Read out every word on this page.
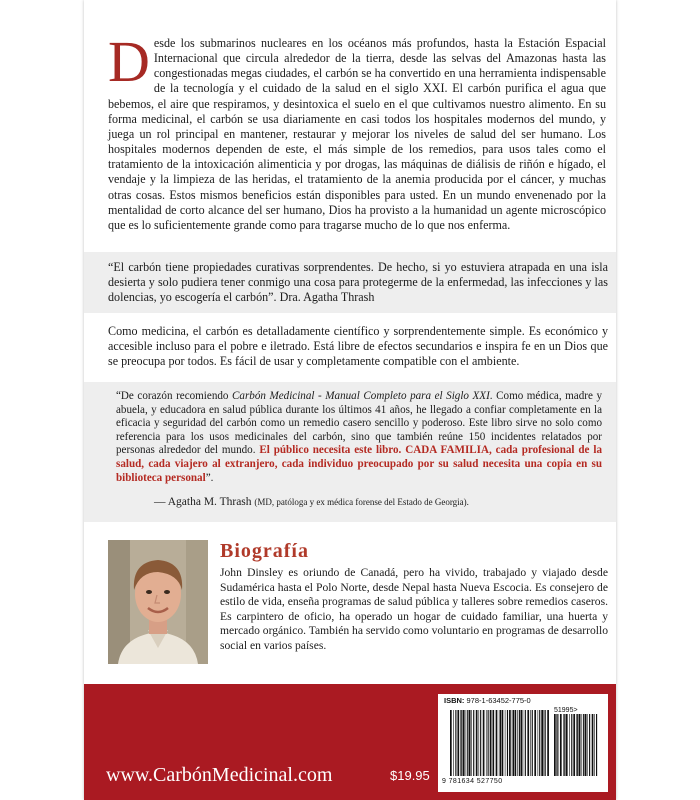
Desde los submarinos nucleares en los océanos más profundos, hasta la Estación Espacial Internacional que circula alrededor de la tierra, desde las selvas del Amazonas hasta las congestionadas megas ciudades, el carbón se ha convertido en una herramienta indispensable de la tecnología y el cuidado de la salud en el siglo XXI. El carbón purifica el agua que bebemos, el aire que respiramos, y desintoxica el suelo en el que cultivamos nuestro alimento. En su forma medicinal, el carbón se usa diariamente en casi todos los hospitales modernos del mundo, y juega un rol principal en mantener, restaurar y mejorar los niveles de salud del ser humano. Los hospitales modernos dependen de este, el más simple de los remedios, para usos tales como el tratamiento de la intoxicación alimenticia y por drogas, las máquinas de diálisis de riñón e hígado, el vendaje y la limpieza de las heridas, el tratamiento de la anemia producida por el cáncer, y muchas otras cosas. Estos mismos beneficios están disponibles para usted. En un mundo envenenado por la mentalidad de corto alcance del ser humano, Dios ha provisto a la humanidad un agente microscópico que es lo suficientemente grande como para tragarse mucho de lo que nos enferma.
“El carbón tiene propiedades curativas sorprendentes. De hecho, si yo estuviera atrapada en una isla desierta y solo pudiera tener conmigo una cosa para protegerme de la enfermedad, las infecciones y las dolencias, yo escogería el carbón”. Dra. Agatha Thrash
Como medicina, el carbón es detalladamente científico y sorprendentemente simple. Es económico y accesible incluso para el pobre e iletrado. Está libre de efectos secundarios e inspira fe en un Dios que se preocupa por todos. Es fácil de usar y completamente compatible con el ambiente.
“De corazón recomiendo Carbón Medicinal - Manual Completo para el Siglo XXI. Como médica, madre y abuela, y educadora en salud pública durante los últimos 41 años, he llegado a confiar completamente en la eficacia y seguridad del carbón como un remedio casero sencillo y poderoso. Este libro sirve no solo como referencia para los usos medicinales del carbón, sino que también reúne 150 incidentes relatados por personas alrededor del mundo. El público necesita este libro. CADA FAMILIA, cada profesional de la salud, cada viajero al extranjero, cada individuo preocupado por su salud necesita una copia en su biblioteca personal”.
— Agatha M. Thrash (MD, patóloga y ex médica forense del Estado de Georgia).
Biografía
John Dinsley es oriundo de Canadá, pero ha vivido, trabajado y viajado desde Sudamérica hasta el Polo Norte, desde Nepal hasta Nueva Escocia. Es consejero de estilo de vida, enseña programas de salud pública y talleres sobre remedios caseros. Es carpintero de oficio, ha operado un hogar de cuidado familiar, una huerta y mercado orgánico. También ha servido como voluntario en programas de desarrollo social en varios países.
www.CarbónMedicinal.com	$19.95
ISBN: 978-1-63452-775-0
51995>
9 781634 527750
